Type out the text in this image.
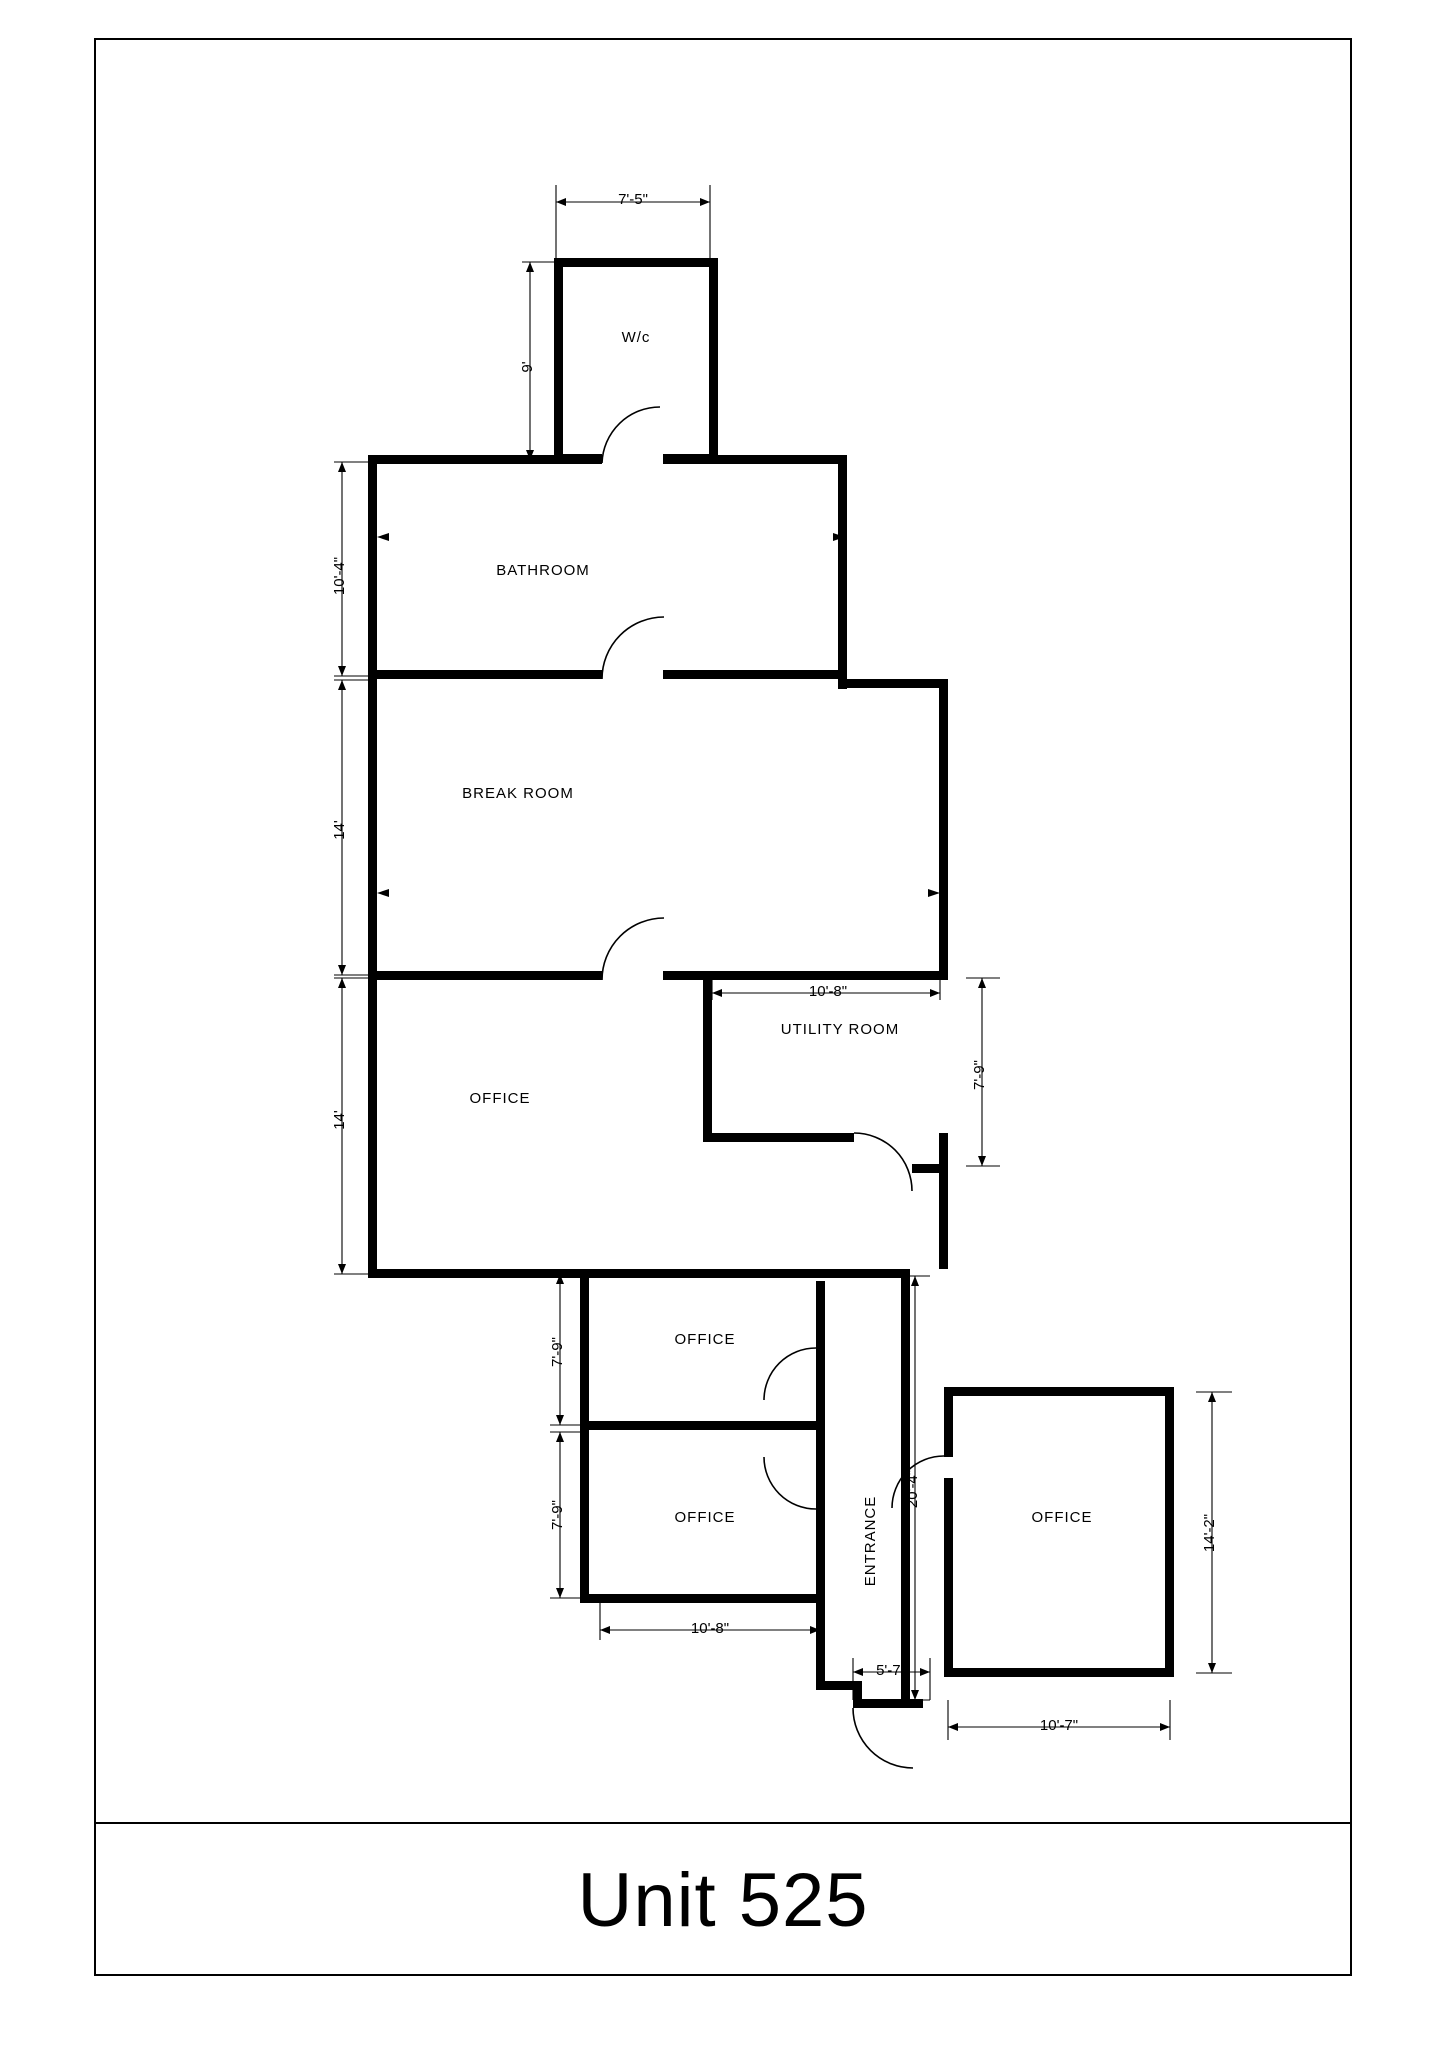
W/c
BATHROOM
BREAK ROOM
UTILITY ROOM
OFFICE
OFFICE
OFFICE	OFFICE
ENTRANCE
7'-5"
9'
10'-4"
14'
14'
10'-8"
7'-9"
7'-9"
7'-9"
10'-8"
20'-4"
5'-7"
14'-2"
10'-7"
Unit 525
